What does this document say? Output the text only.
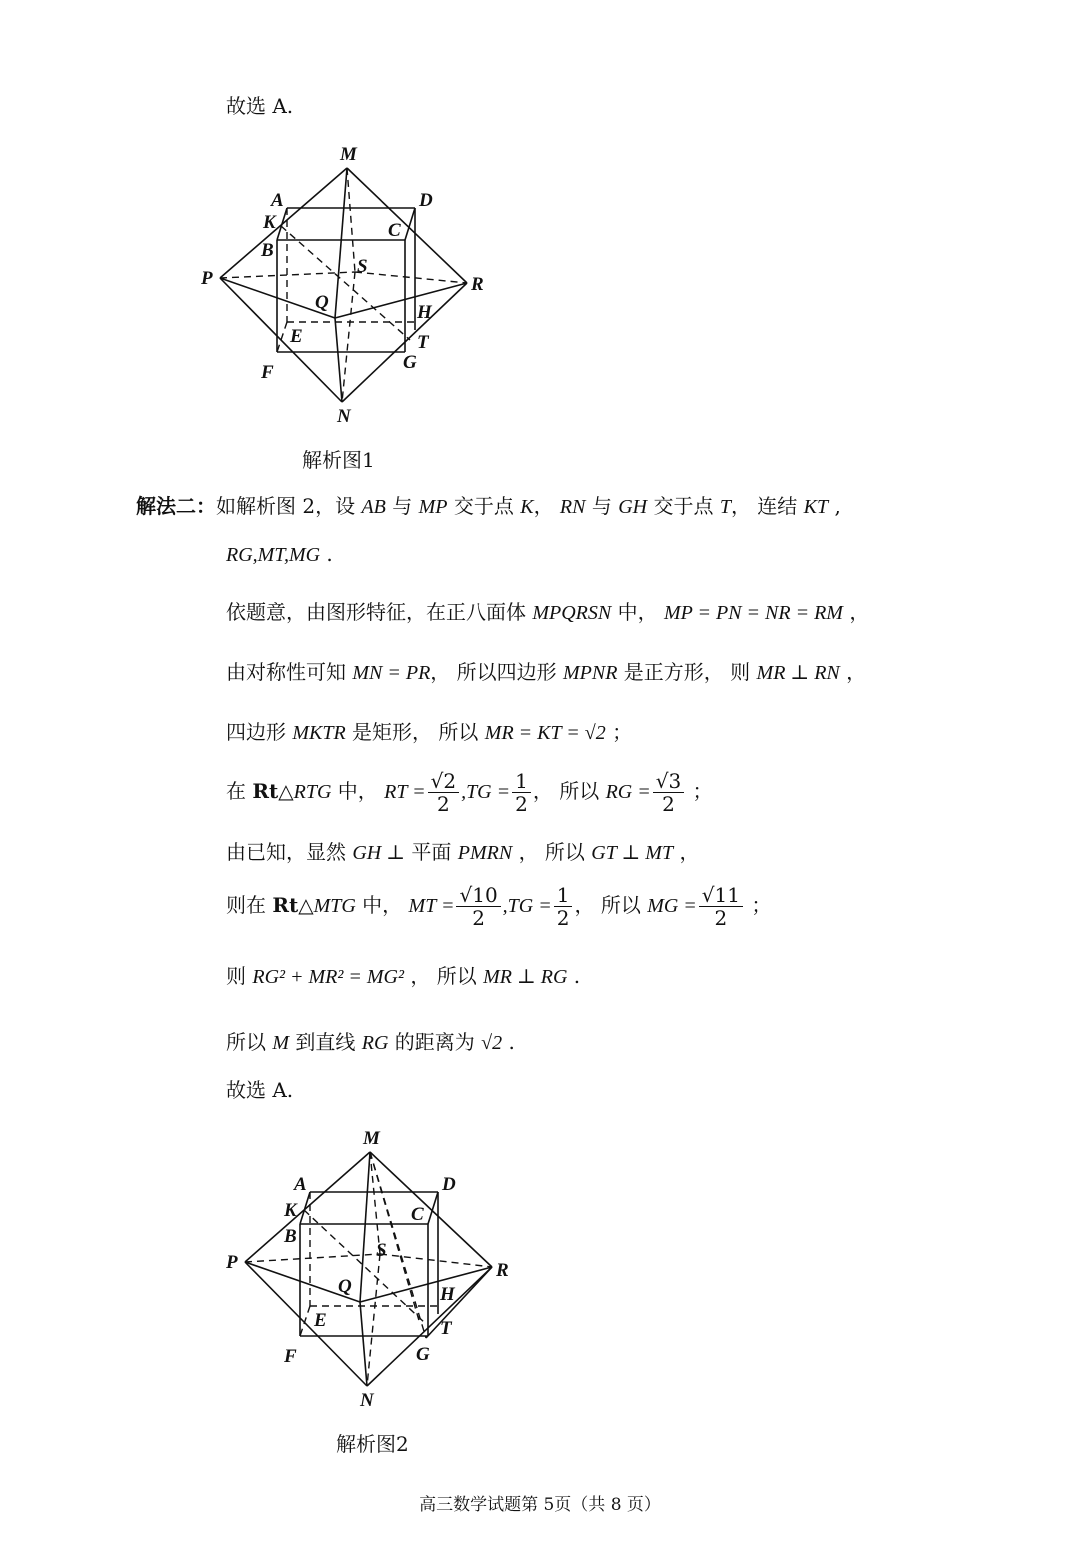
故选 A.
M
A	D
K	C
B
S
P	R
Q	H
E	T
F	G
N
解析图1
解法二：如解析图 2，设 AB 与 MP 交于点 K， RN 与 GH 交于点 T， 连结 KT ,
RG,MT,MG .
依题意，由图形特征，在正八面体 MPQRSN 中， MP = PN = NR = RM ，
由对称性可知 MN = PR， 所以四边形 MPNR 是正方形， 则 MR ⊥ RN ，
四边形 MKTR 是矩形， 所以 MR = KT = √2 ；
在 Rt△RTG 中， RT = $\frac{√2}{2} ,TG = \frac{1}{2}$ ， 所以 RG = $\frac{√3}{2}$ ；
由已知，显然 GH ⊥ 平面 PMRN ， 所以 GT ⊥ MT ，
则在 Rt△MTG 中， MT = $\frac{√10}{2} ,TG = \frac{1}{2}$ ， 所以 MG = $\frac{√11}{2}$ ；
则 RG² + MR² = MG² ， 所以 MR ⊥ RG .
所以 M 到直线 RG 的距离为 √2 .
故选 A.
M
A	D
K	C
B
S
P	R
Q	H
E	T
F	G
N
解析图2
高三数学试题第 5页（共 8 页）
